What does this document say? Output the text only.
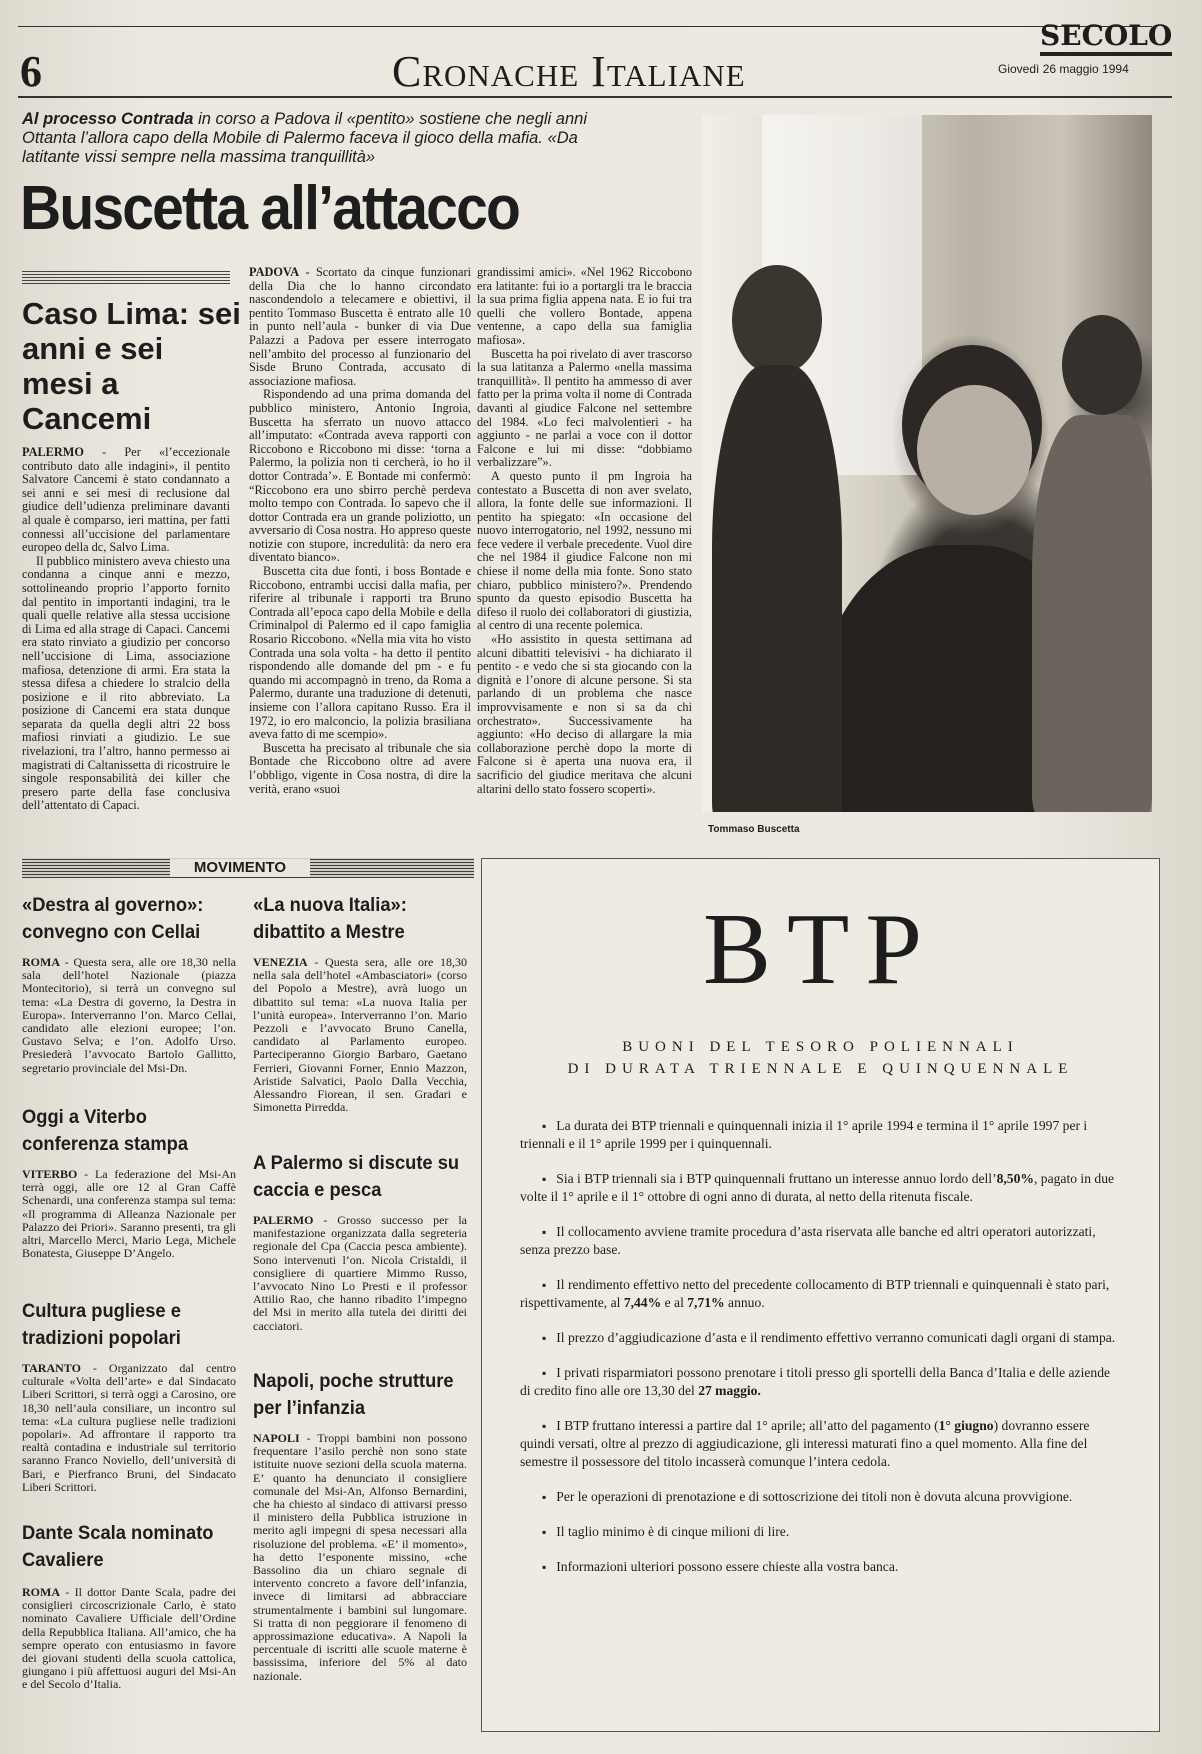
6	Cronache Italiane
SECOLO
Giovedì 26 maggio 1994
Al processo Contrada in corso a Padova il «pentito» sostiene che negli anni Ottanta l’allora capo della Mobile di Palermo faceva il gioco della mafia. «Da latitante vissi sempre nella massima tranquillità»
Buscetta all’attacco
Caso Lima: sei anni e sei mesi a Cancemi

PALERMO - Per «l’eccezionale contributo dato alle indagini», il pentito Salvatore Cancemi è stato condannato a sei anni e sei mesi di reclusione dal giudice dell’udienza preliminare davanti al quale è comparso, ieri mattina, per fatti connessi all’uccisione del parlamentare europeo della dc, Salvo Lima.

Il pubblico ministero aveva chiesto una condanna a cinque anni e mezzo, sottolineando proprio l’apporto fornito dal pentito in importanti indagini, tra le quali quelle relative alla stessa uccisione di Lima ed alla strage di Capaci. Cancemi era stato rinviato a giudizio per concorso nell’uccisione di Lima, associazione mafiosa, detenzione di armi. Era stata la stessa difesa a chiedere lo stralcio della posizione e il rito abbreviato. La posizione di Cancemi era stata dunque separata da quella degli altri 22 boss mafiosi rinviati a giudizio. Le sue rivelazioni, tra l’altro, hanno permesso ai magistrati di Caltanissetta di ricostruire le singole responsabilità dei killer che presero parte della fase conclusiva dell’attentato di Capaci.

PADOVA - Scortato da cinque funzionari della Dia che lo hanno circondato nascondendolo a telecamere e obiettivi, il pentito Tommaso Buscetta è entrato alle 10 in punto nell’aula - bunker di via Due Palazzi a Padova per essere interrogato nell’ambito del processo al funzionario del Sisde Bruno Contrada, accusato di associazione mafiosa.

Rispondendo ad una prima domanda del pubblico ministero, Antonio Ingroia, Buscetta ha sferrato un nuovo attacco all’imputato: «Contrada aveva rapporti con Riccobono e Riccobono mi disse: ‘torna a Palermo, la polizia non ti cercherà, io ho il dottor Contrada’». E Bontade mi confermò: “Riccobono era uno sbirro perchè perdeva molto tempo con Contrada. Io sapevo che il dottor Contrada era un grande poliziotto, un avversario di Cosa nostra. Ho appreso queste notizie con stupore, incredulità: da nero era diventato bianco».

Buscetta cita due fonti, i boss Bontade e Riccobono, entrambi uccisi dalla mafia, per riferire al tribunale i rapporti tra Bruno Contrada all’epoca capo della Mobile e della Criminalpol di Palermo ed il capo famiglia Rosario Riccobono. «Nella mia vita ho visto Contrada una sola volta - ha detto il pentito rispondendo alle domande del pm - e fu quando mi accompagnò in treno, da Roma a Palermo, durante una traduzione di detenuti, insieme con l’allora capitano Russo. Era il 1972, io ero malconcio, la polizia brasiliana aveva fatto di me scempio».

Buscetta ha precisato al tribunale che sia Bontade che Riccobono oltre ad avere l’obbligo, vigente in Cosa nostra, di dire la verità, erano «suoi

grandissimi amici». «Nel 1962 Riccobono era latitante: fui io a portargli tra le braccia la sua prima figlia appena nata. E io fui tra quelli che vollero Bontade, appena ventenne, a capo della sua famiglia mafiosa».

Buscetta ha poi rivelato di aver trascorso la sua latitanza a Palermo «nella massima tranquillità». Il pentito ha ammesso di aver fatto per la prima volta il nome di Contrada davanti al giudice Falcone nel settembre del 1984. «Lo feci malvolentieri - ha aggiunto - ne parlai a voce con il dottor Falcone e lui mi disse: “dobbiamo verbalizzare”».

A questo punto il pm Ingroia ha contestato a Buscetta di non aver svelato, allora, la fonte delle sue informazioni. Il pentito ha spiegato: «In occasione del nuovo interrogatorio, nel 1992, nessuno mi fece vedere il verbale precedente. Vuol dire che nel 1984 il giudice Falcone non mi chiese il nome della mia fonte. Sono stato chiaro, pubblico ministero?». Prendendo spunto da questo episodio Buscetta ha difeso il ruolo dei collaboratori di giustizia, al centro di una recente polemica.

«Ho assistito in questa settimana ad alcuni dibattiti televisivi - ha dichiarato il pentito - e vedo che si sta giocando con la dignità e l’onore di alcune persone. Si sta parlando di un problema che nasce improvvisamente e non si sa da chi orchestrato». Successivamente ha aggiunto: «Ho deciso di allargare la mia collaborazione perchè dopo la morte di Falcone si è aperta una nuova era, il sacrificio del giudice meritava che alcuni altarini dello stato fossero scoperti».

Tommaso Buscetta
MOVIMENTO
«Destra al governo»: convegno con Cellai

ROMA - Questa sera, alle ore 18,30 nella sala dell’hotel Nazionale (piazza Montecitorio), si terrà un convegno sul tema: «La Destra di governo, la Destra in Europa». Interverranno l’on. Marco Cellai, candidato alle elezioni europee; l’on. Gustavo Selva; e l’on. Adolfo Urso. Presiederà l’avvocato Bartolo Gallitto, segretario provinciale del Msi-Dn.

Oggi a Viterbo conferenza stampa

VITERBO - La federazione del Msi-An terrà oggi, alle ore 12 al Gran Caffè Schenardi, una conferenza stampa sul tema: «Il programma di Alleanza Nazionale per Palazzo dei Priori». Saranno presenti, tra gli altri, Marcello Merci, Mario Lega, Michele Bonatesta, Giuseppe D’Angelo.

Cultura pugliese e tradizioni popolari

TARANTO - Organizzato dal centro culturale «Volta dell’arte» e dal Sindacato Liberi Scrittori, si terrà oggi a Carosino, ore 18,30 nell’aula consiliare, un incontro sul tema: «La cultura pugliese nelle tradizioni popolari». Ad affrontare il rapporto tra realtà contadina e industriale sul territorio saranno Franco Noviello, dell’università di Bari, e Pierfranco Bruni, del Sindacato Liberi Scrittori.

Dante Scala nominato Cavaliere

ROMA - Il dottor Dante Scala, padre dei consiglieri circoscrizionale Carlo, è stato nominato Cavaliere Ufficiale dell’Ordine della Repubblica Italiana. All’amico, che ha sempre operato con entusiasmo in favore dei giovani studenti della scuola cattolica, giungano i più affettuosi auguri del Msi-An e del Secolo d’Italia.

«La nuova Italia»: dibattito a Mestre

VENEZIA - Questa sera, alle ore 18,30 nella sala dell’hotel «Ambasciatori» (corso del Popolo a Mestre), avrà luogo un dibattito sul tema: «La nuova Italia per l’unità europea». Interverranno l’on. Mario Pezzoli e l’avvocato Bruno Canella, candidato al Parlamento europeo. Parteciperanno Giorgio Barbaro, Gaetano Ferrieri, Giovanni Forner, Ennio Mazzon, Aristide Salvatici, Paolo Dalla Vecchia, Alessandro Fiorean, il sen. Gradari e Simonetta Pirredda.

A Palermo si discute su caccia e pesca

PALERMO - Grosso successo per la manifestazione organizzata dalla segreteria regionale del Cpa (Caccia pesca ambiente). Sono intervenuti l’on. Nicola Cristaldi, il consigliere di quartiere Mimmo Russo, l’avvocato Nino Lo Presti e il professor Attilio Rao, che hanno ribadito l’impegno del Msi in merito alla tutela dei diritti dei cacciatori.

Napoli, poche strutture per l’infanzia

NAPOLI - Troppi bambini non possono frequentare l’asilo perchè non sono state istituite nuove sezioni della scuola materna. E’ quanto ha denunciato il consigliere comunale del Msi-An, Alfonso Bernardini, che ha chiesto al sindaco di attivarsi presso il ministero della Pubblica istruzione in merito agli impegni di spesa necessari alla risoluzione del problema. «E’ il momento», ha detto l’esponente missino, «che Bassolino dia un chiaro segnale di intervento concreto a favore dell’infanzia, invece di limitarsi ad abbracciare strumentalmente i bambini sul lungomare. Si tratta di non peggiorare il fenomeno di approssimazione educativa». A Napoli la percentuale di iscritti alle scuole materne è bassissima, inferiore del 5% al dato nazionale.

BTP
BUONI DEL TESORO POLIENNALI
DI DURATA TRIENNALE E QUINQUENNALE
▪ La durata dei BTP triennali e quinquennali inizia il 1° aprile 1994 e termina il 1° aprile 1997 per i triennali e il 1° aprile 1999 per i quinquennali.
▪ Sia i BTP triennali sia i BTP quinquennali fruttano un interesse annuo lordo dell’8,50%, pagato in due volte il 1° aprile e il 1° ottobre di ogni anno di durata, al netto della ritenuta fiscale.
▪ Il collocamento avviene tramite procedura d’asta riservata alle banche ed altri operatori autorizzati, senza prezzo base.
▪ Il rendimento effettivo netto del precedente collocamento di BTP triennali e quinquennali è stato pari, rispettivamente, al 7,44% e al 7,71% annuo.
▪ Il prezzo d’aggiudicazione d’asta e il rendimento effettivo verranno comunicati dagli organi di stampa.
▪ I privati risparmiatori possono prenotare i titoli presso gli sportelli della Banca d’Italia e delle aziende di credito fino alle ore 13,30 del 27 maggio.
▪ I BTP fruttano interessi a partire dal 1° aprile; all’atto del pagamento (1° giugno) dovranno essere quindi versati, oltre al prezzo di aggiudicazione, gli interessi maturati fino a quel momento. Alla fine del semestre il possessore del titolo incasserà comunque l’intera cedola.
▪ Per le operazioni di prenotazione e di sottoscrizione dei titoli non è dovuta alcuna provvigione.
▪ Il taglio minimo è di cinque milioni di lire.
▪ Informazioni ulteriori possono essere chieste alla vostra banca.
